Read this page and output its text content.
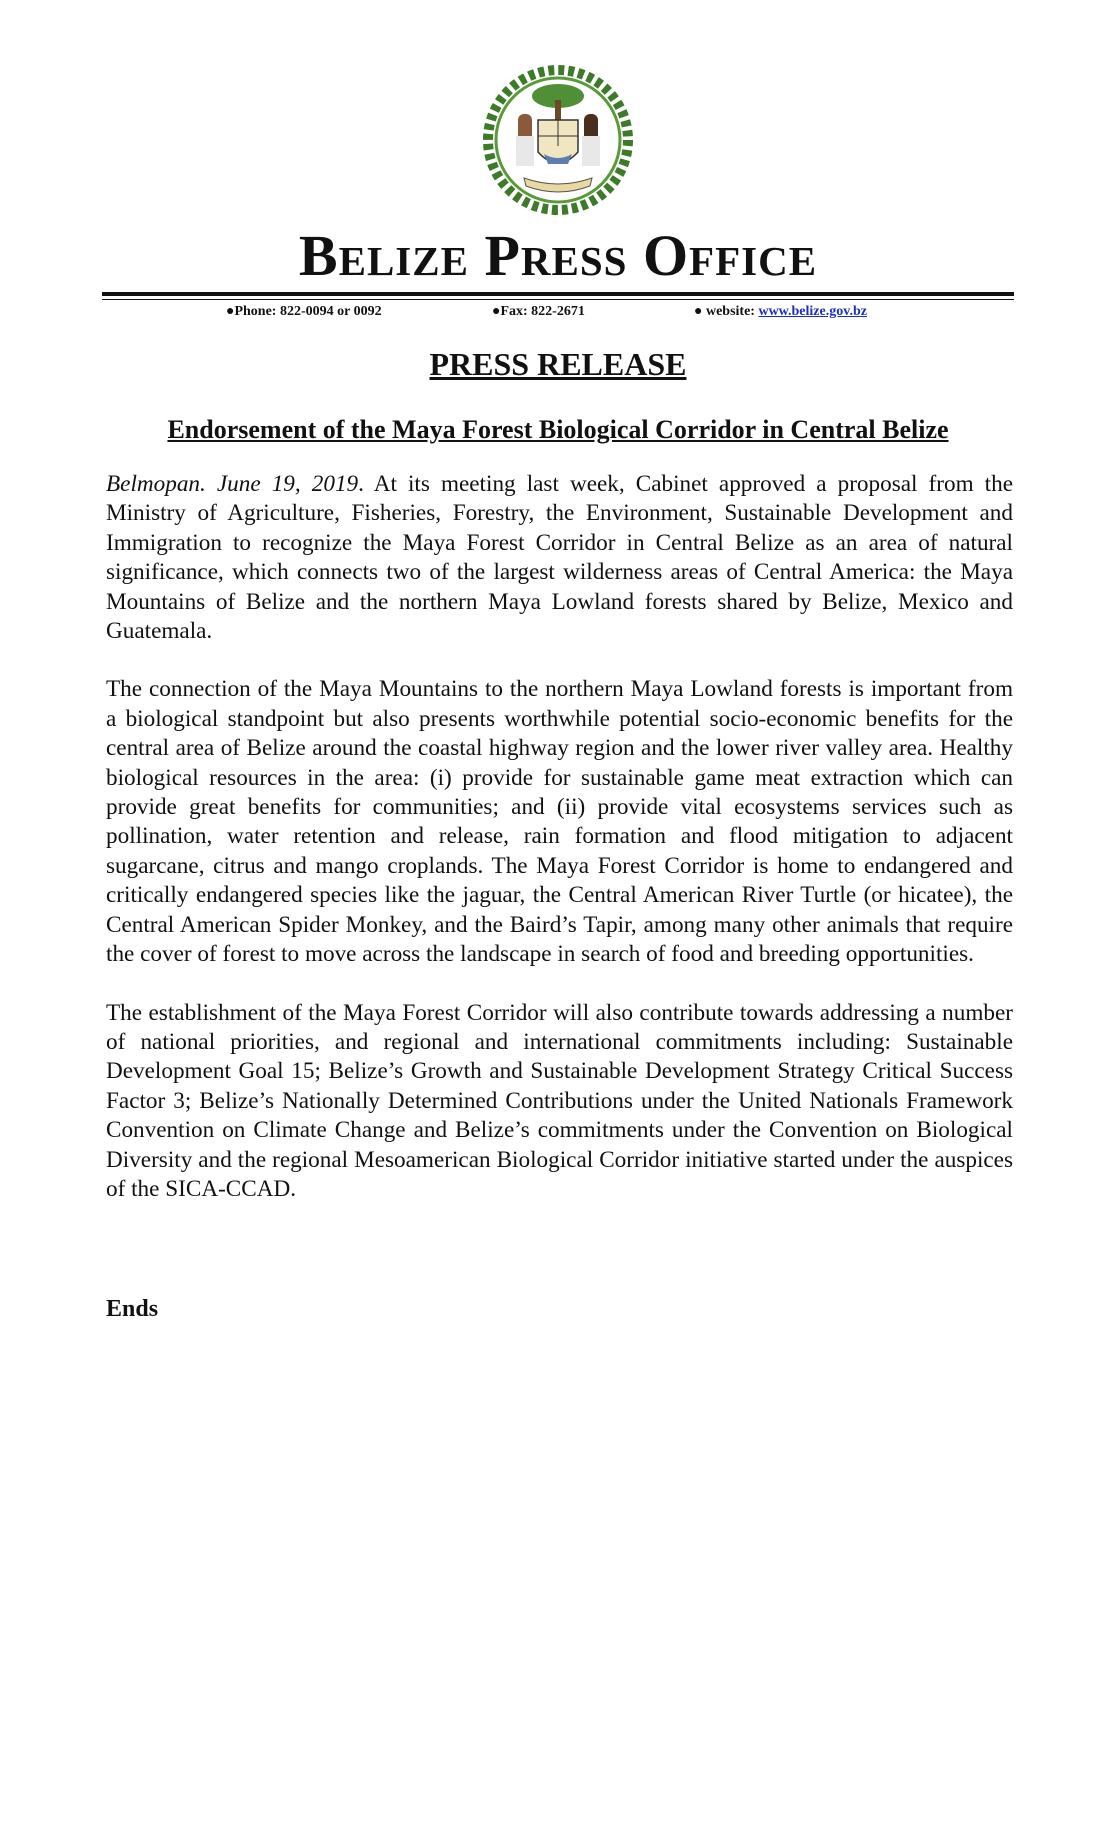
Belize Press Office
●Phone: 822-0094 or 0092	●Fax: 822-2671	● website: www.belize.gov.bz
PRESS RELEASE
Endorsement of the Maya Forest Biological Corridor in Central Belize

Belmopan. June 19, 2019. At its meeting last week, Cabinet approved a proposal from the Ministry of Agriculture, Fisheries, Forestry, the Environment, Sustainable Development and Immigration to recognize the Maya Forest Corridor in Central Belize as an area of natural significance, which connects two of the largest wilderness areas of Central America: the Maya Mountains of Belize and the northern Maya Lowland forests shared by Belize, Mexico and Guatemala.

The connection of the Maya Mountains to the northern Maya Lowland forests is important from a biological standpoint but also presents worthwhile potential socio-economic benefits for the central area of Belize around the coastal highway region and the lower river valley area. Healthy biological resources in the area: (i) provide for sustainable game meat extraction which can provide great benefits for communities; and (ii) provide vital ecosystems services such as pollination, water retention and release, rain formation and flood mitigation to adjacent sugarcane, citrus and mango croplands. The Maya Forest Corridor is home to endangered and critically endangered species like the jaguar, the Central American River Turtle (or hicatee), the Central American Spider Monkey, and the Baird’s Tapir, among many other animals that require the cover of forest to move across the landscape in search of food and breeding opportunities.

The establishment of the Maya Forest Corridor will also contribute towards addressing a number of national priorities, and regional and international commitments including: Sustainable Development Goal 15; Belize’s Growth and Sustainable Development Strategy Critical Success Factor 3; Belize’s Nationally Determined Contributions under the United Nationals Framework Convention on Climate Change and Belize’s commitments under the Convention on Biological Diversity and the regional Mesoamerican Biological Corridor initiative started under the auspices of the SICA-CCAD.

Ends
